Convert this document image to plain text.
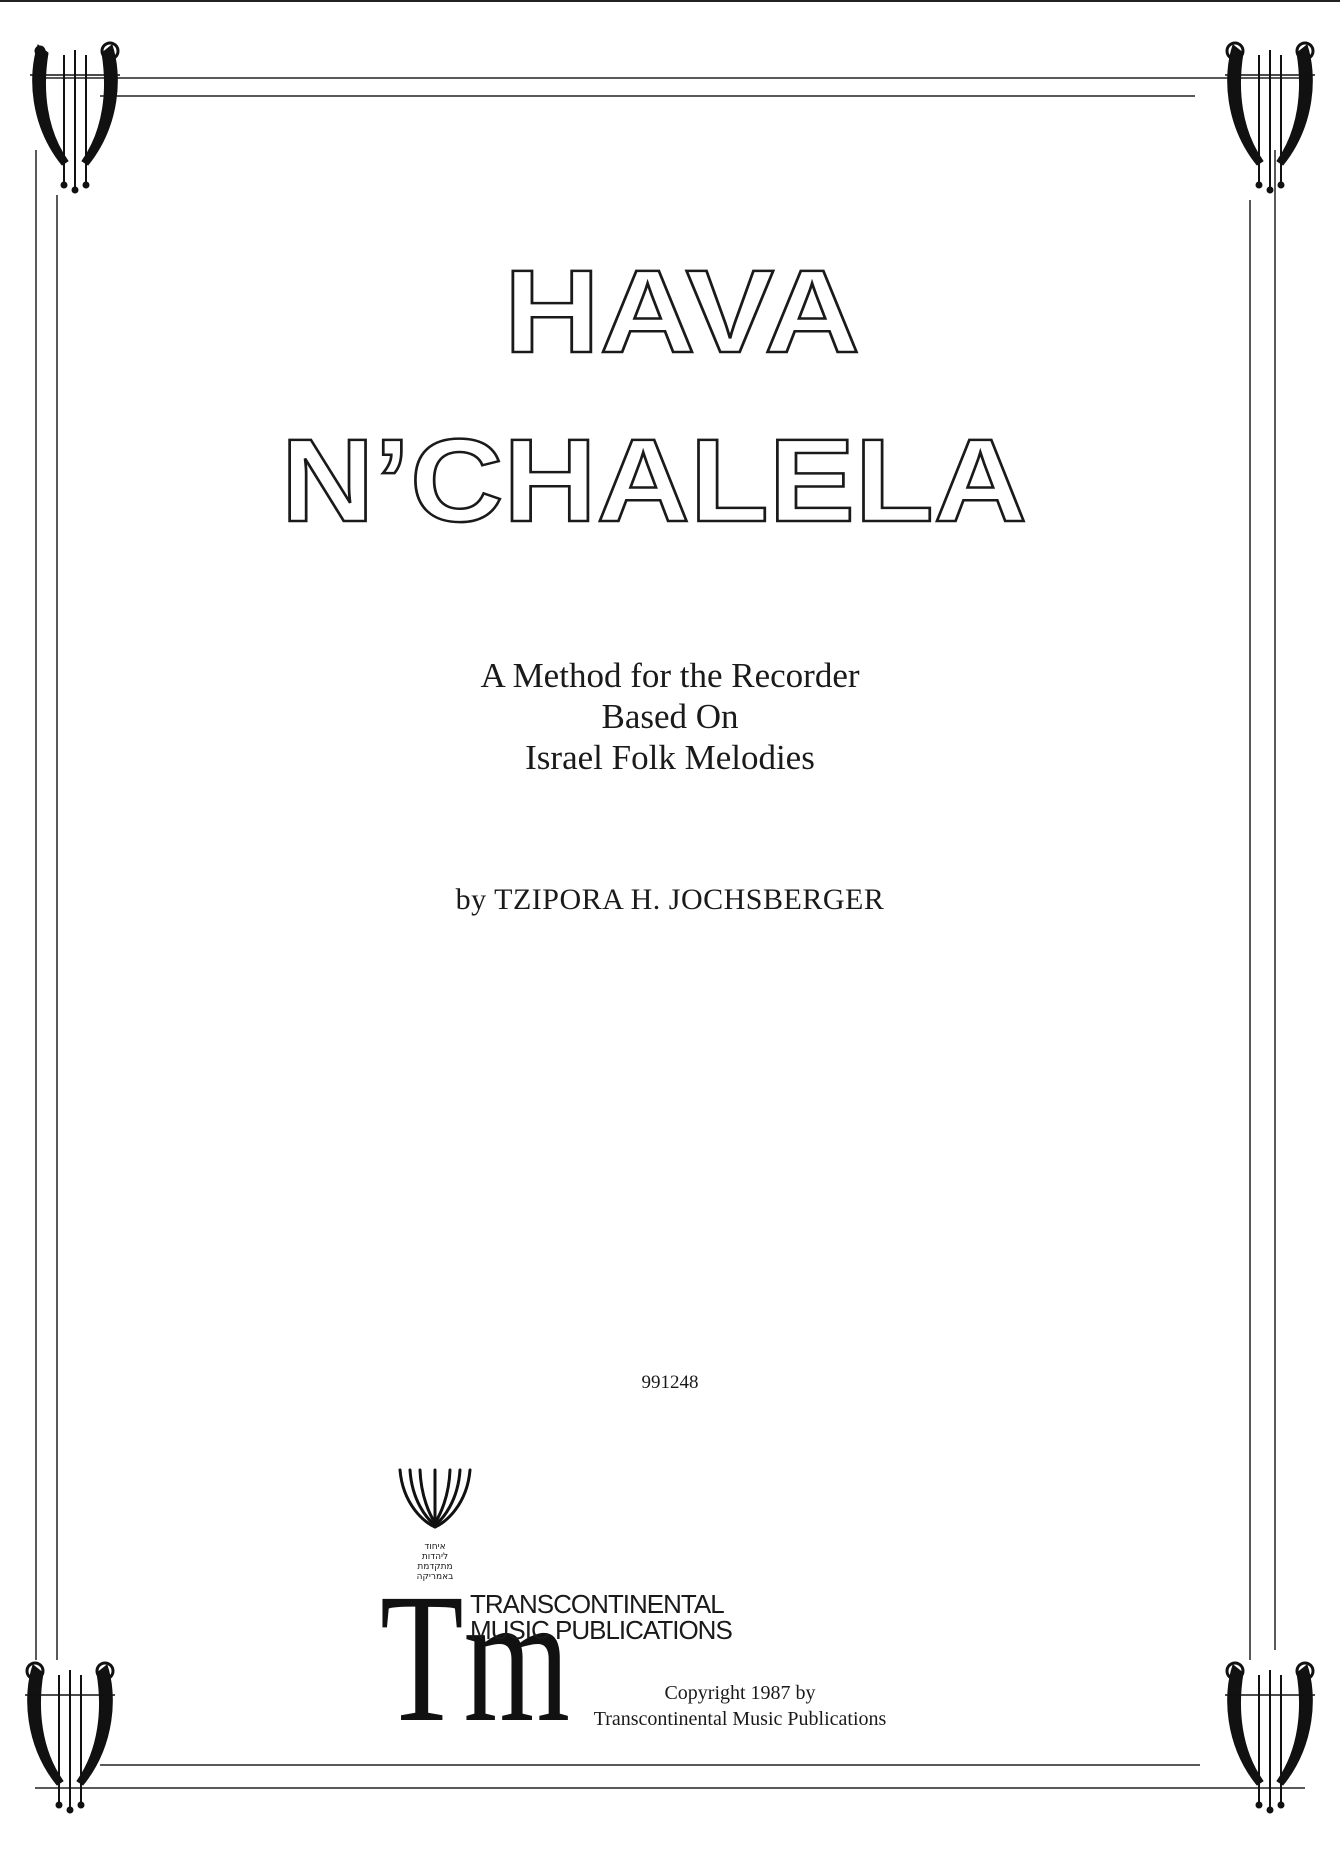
HAVA
N’CHALELA
A Method for the Recorder
Based On
Israel Folk Melodies
by TZIPORA H. JOCHSBERGER
991248
איחוד
ליהדות
מתקדמת
באמריקה
Tm
TRANSCONTINENTAL
MUSIC PUBLICATIONS
Copyright 1987 by
Transcontinental Music Publications
